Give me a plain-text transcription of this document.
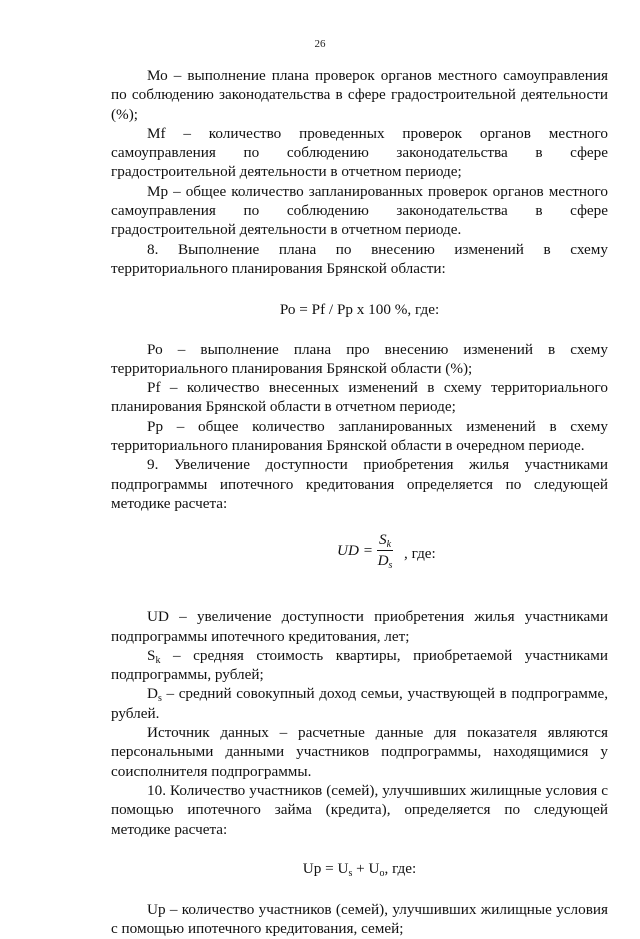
26

Мо – выполнение плана проверок органов местного самоуправления по соблюдению законодательства в сфере градостроительной деятельности (%);

Мf – количество проведенных проверок органов местного самоуправления по соблюдению законодательства в сфере градостроительной деятельности в отчетном периоде;

Мр – общее количество запланированных проверок органов местного самоуправления по соблюдению законодательства в сфере градостроительной деятельности в отчетном периоде.

8. Выполнение плана по внесению изменений в схему территориального планирования Брянской области:

Ро = Рf / Рр х 100 %, где:

Ро – выполнение плана про внесению изменений в схему территориального планирования Брянской области (%);

Рf – количество внесенных изменений в схему территориального планирования Брянской области в отчетном периоде;

Рр – общее количество запланированных изменений в схему территориального планирования Брянской области в очередном периоде.

9. Увеличение доступности приобретения жилья участниками подпрограммы ипотечного кредитования определяется по следующей методике расчета:

UD = $\frac{S_k}{D_s}$ , где:

UD – увеличение доступности приобретения жилья участниками подпрограммы ипотечного кредитования, лет;

$S_k$ – средняя стоимость квартиры, приобретаемой участниками подпрограммы, рублей;

$D_s$ – средний совокупный доход семьи, участвующей в подпрограмме, рублей.

Источник данных – расчетные данные для показателя являются персональными данными участников подпрограммы, находящимися у соисполнителя подпрограммы.

10. Количество участников (семей), улучшивших жилищные условия с помощью ипотечного займа (кредита), определяется по следующей методике расчета:

Uр = $U_s + U_о$, где:

Uр – количество участников (семей), улучшивших жилищные условия с помощью ипотечного кредитования, семей;
